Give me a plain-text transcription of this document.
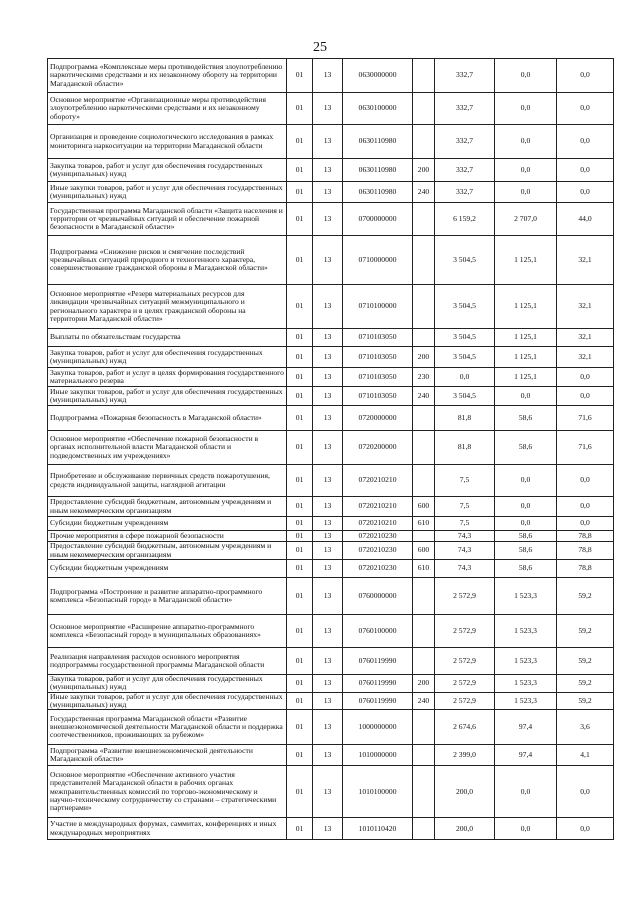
25
Подпрограмма «Комплексные меры противодействия злоупотреблению наркотическими средствами и их незаконному обороту на территории Магаданской области»	01	13	0630000000		332,7	0,0	0,0
Основное мероприятие «Организационные меры противодействия злоупотреблению наркотическими средствами и их незаконному обороту»	01	13	0630100000		332,7	0,0	0,0
Организация и проведение социологического исследования в рамках мониторинга наркоситуации на территории Магаданской области	01	13	0630110980		332,7	0,0	0,0
Закупка товаров, работ и услуг для обеспечения государственных (муниципальных) нужд	01	13	0630110980	200	332,7	0,0	0,0
Иные закупки товаров, работ и услуг для обеспечения государственных (муниципальных) нужд	01	13	0630110980	240	332,7	0,0	0,0
Государственная программа Магаданской области «Защита населения и территории от чрезвычайных ситуаций и обеспечение пожарной безопасности в Магаданской области»	01	13	0700000000		6 159,2	2 707,0	44,0
Подпрограмма «Снижение рисков и смягчение последствий чрезвычайных ситуаций природного и техногенного характера, совершенствование гражданской обороны в Магаданской области»	01	13	0710000000		3 504,5	1 125,1	32,1
Основное мероприятие «Резерв материальных ресурсов для ликвидации чрезвычайных ситуаций межмуниципального и регионального характера и в целях гражданской обороны на территории Магаданской области»	01	13	0710100000		3 504,5	1 125,1	32,1
Выплаты по обязательствам государства	01	13	0710103050		3 504,5	1 125,1	32,1
Закупка товаров, работ и услуг для обеспечения государственных (муниципальных) нужд	01	13	0710103050	200	3 504,5	1 125,1	32,1
Закупка товаров, работ и услуг в целях формирования государственного материального резерва	01	13	0710103050	230	0,0	1 125,1	0,0
Иные закупки товаров, работ и услуг для обеспечения государственных (муниципальных) нужд	01	13	0710103050	240	3 504,5	0,0	0,0
Подпрограмма «Пожарная безопасность в Магаданской области»	01	13	0720000000		81,8	58,6	71,6
Основное мероприятие «Обеспечение пожарной безопасности в органах исполнительной власти Магаданской области и подведомственных им учреждениях»	01	13	0720200000		81,8	58,6	71,6
Приобретение и обслуживание первичных средств пожаротушения, средств индивидуальной защиты, наглядной агитации	01	13	0720210210		7,5	0,0	0,0
Предоставление субсидий бюджетным, автономным учреждениям и иным некоммерческим организациям	01	13	0720210210	600	7,5	0,0	0,0
Субсидии бюджетным учреждениям	01	13	0720210210	610	7,5	0,0	0,0
Прочие мероприятия в сфере пожарной безопасности	01	13	0720210230		74,3	58,6	78,8
Предоставление субсидий бюджетным, автономным учреждениям и иным некоммерческим организациям	01	13	0720210230	600	74,3	58,6	78,8
Субсидии бюджетным учреждениям	01	13	0720210230	610	74,3	58,6	78,8
Подпрограмма «Построение и развитие аппаратно-программного комплекса «Безопасный город» в Магаданской области»	01	13	0760000000		2 572,9	1 523,3	59,2
Основное мероприятие «Расширение аппаратно-программного комплекса «Безопасный город» в муниципальных образованиях»	01	13	0760100000		2 572,9	1 523,3	59,2
Реализация направления расходов основного мероприятия подпрограммы государственной программы Магаданской области	01	13	0760119990		2 572,9	1 523,3	59,2
Закупка товаров, работ и услуг для обеспечения государственных (муниципальных) нужд	01	13	0760119990	200	2 572,9	1 523,3	59,2
Иные закупки товаров, работ и услуг для обеспечения государственных (муниципальных) нужд	01	13	0760119990	240	2 572,9	1 523,3	59,2
Государственная программа Магаданской области «Развитие внешнеэкономической деятельности Магаданской области и поддержка соотечественников, проживающих за рубежом»	01	13	1000000000		2 674,6	97,4	3,6
Подпрограмма «Развитие внешнеэкономической деятельности Магаданской области»	01	13	1010000000		2 399,0	97,4	4,1
Основное мероприятие «Обеспечение активного участия представителей Магаданской области в рабочих органах межправительственных комиссий по торгово-экономическому и научно-техническому сотрудничеству со странами – стратегическими партнерами»	01	13	1010100000		200,0	0,0	0,0
Участие в международных форумах, саммитах, конференциях и иных международных мероприятиях	01	13	1010110420		200,0	0,0	0,0
